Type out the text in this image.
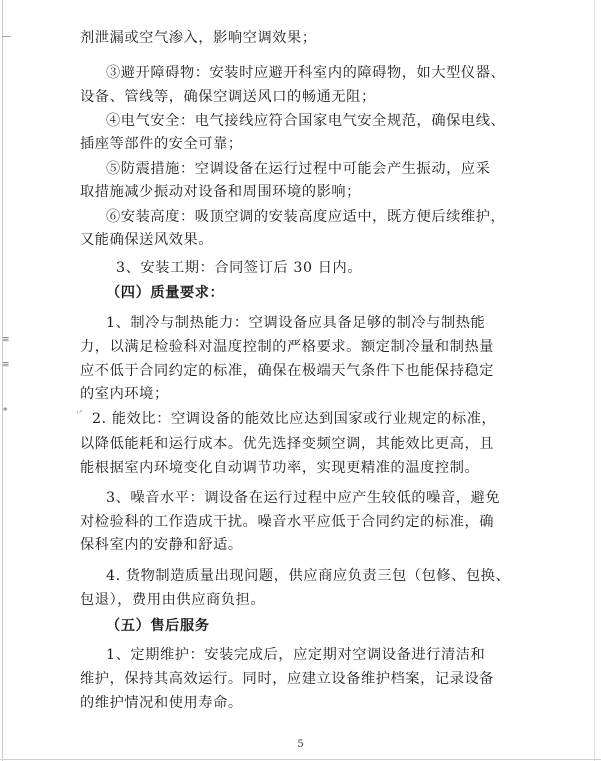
—
≡
≡
∗
剂泄漏或空气渗入，影响空调效果；
③避开障碍物：安装时应避开科室内的障碍物，如大型仪器、
设备、管线等，确保空调送风口的畅通无阻；
④电气安全：电气接线应符合国家电气安全规范，确保电线、
插座等部件的安全可靠；
⑤防震措施：空调设备在运行过程中可能会产生振动，应采
取措施减少振动对设备和周围环境的影响；
⑥安装高度：吸顶空调的安装高度应适中，既方便后续维护，
又能确保送风效果。
3、安装工期：合同签订后 30 日内。
（四）质量要求：
1、制冷与制热能力：空调设备应具备足够的制冷与制热能
力，以满足检验科对温度控制的严格要求。额定制冷量和制热量
应不低于合同约定的标准，确保在极端天气条件下也能保持稳定
的室内环境；
·ᐟ 2. 能效比：空调设备的能效比应达到国家或行业规定的标准，
以降低能耗和运行成本。优先选择变频空调，其能效比更高，且
能根据室内环境变化自动调节功率，实现更精准的温度控制。
3、噪音水平：调设备在运行过程中应产生较低的噪音，避免
对检验科的工作造成干扰。噪音水平应低于合同约定的标准，确
保科室内的安静和舒适。
4. 货物制造质量出现问题，供应商应负责三包（包修、包换、
包退），费用由供应商负担。
（五）售后服务
1、定期维护：安装完成后，应定期对空调设备进行清洁和
维护，保持其高效运行。同时，应建立设备维护档案，记录设备
的维护情况和使用寿命。
5
